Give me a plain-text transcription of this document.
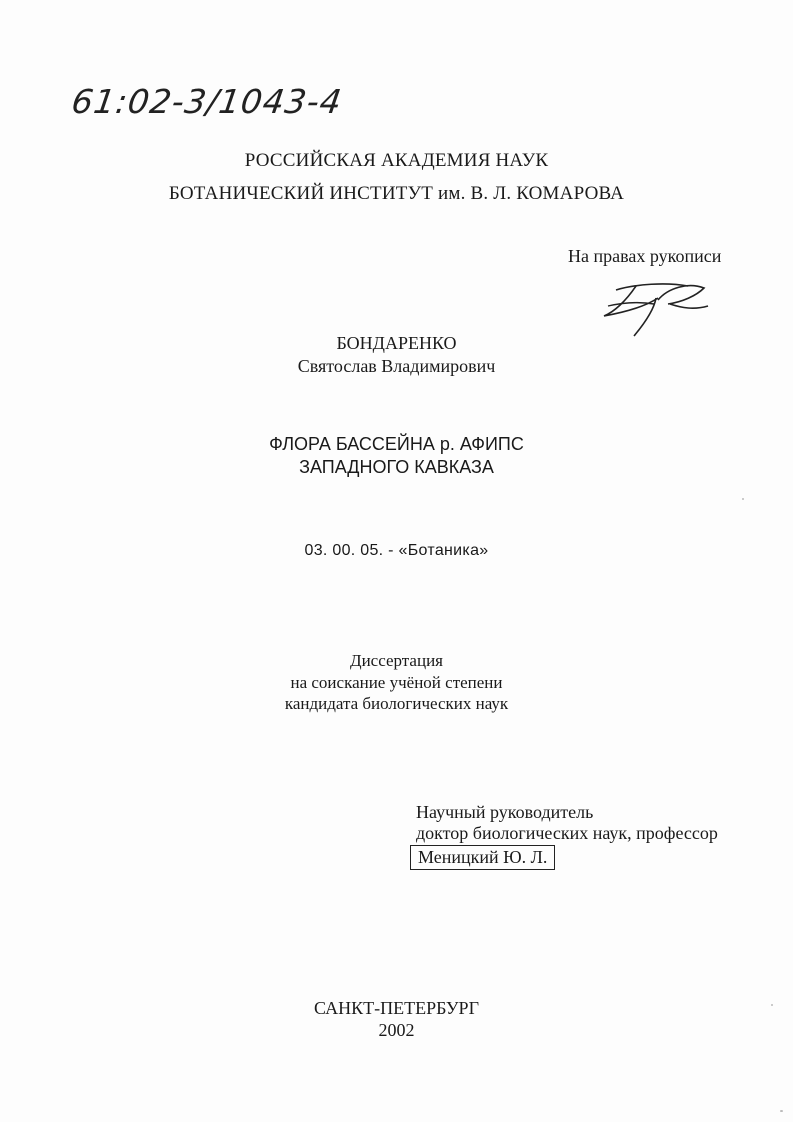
61:02-3/1043-4
РОССИЙСКАЯ АКАДЕМИЯ НАУК
БОТАНИЧЕСКИЙ ИНСТИТУТ им. В. Л. КОМАРОВА
На правах рукописи
БОНДАРЕНКО
Святослав Владимирович
ФЛОРА БАССЕЙНА р. АФИПС
ЗАПАДНОГО КАВКАЗА
03. 00. 05. - «Ботаника»
Диссертация
на соискание учёной степени
кандидата биологических наук
Научный руководитель
доктор биологических наук, профессор
Меницкий Ю. Л.
САНКТ-ПЕТЕРБУРГ
2002
